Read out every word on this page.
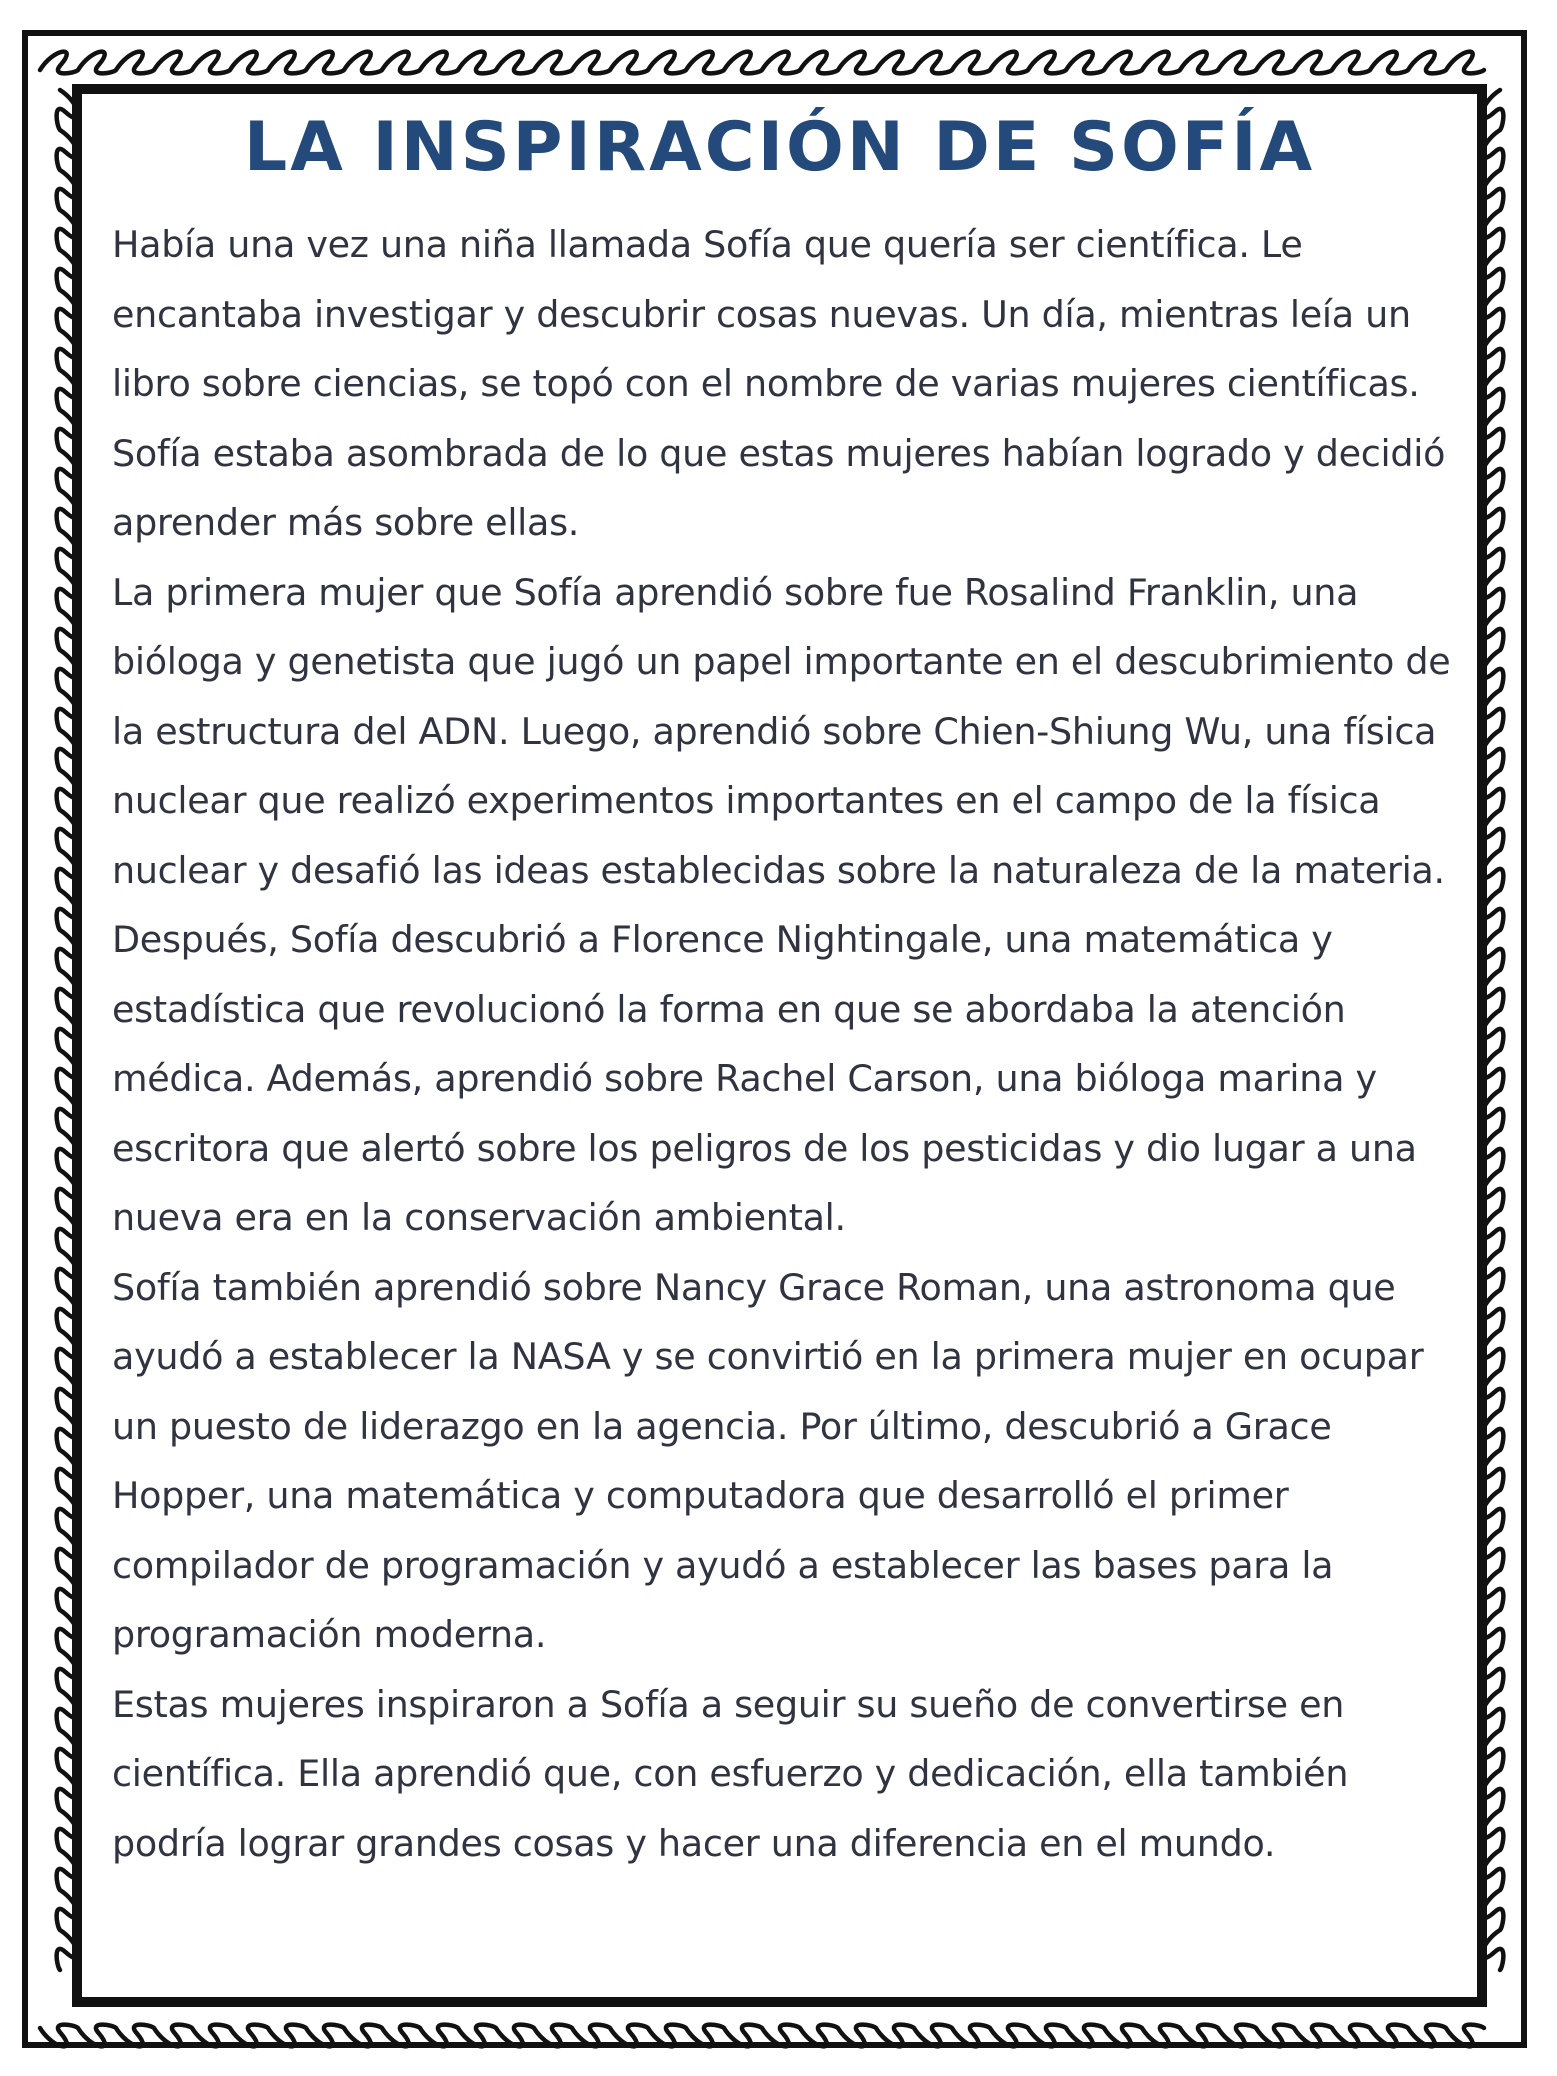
LA INSPIRACIÓN DE SOFÍA

Había una vez una niña llamada Sofía que quería ser científica. Le encantaba investigar y descubrir cosas nuevas. Un día, mientras leía un libro sobre ciencias, se topó con el nombre de varias mujeres científicas. Sofía estaba asombrada de lo que estas mujeres habían logrado y decidió aprender más sobre ellas.

La primera mujer que Sofía aprendió sobre fue Rosalind Franklin, una bióloga y genetista que jugó un papel importante en el descubrimiento de la estructura del ADN. Luego, aprendió sobre Chien-Shiung Wu, una física nuclear que realizó experimentos importantes en el campo de la física nuclear y desafió las ideas establecidas sobre la naturaleza de la materia.

Después, Sofía descubrió a Florence Nightingale, una matemática y estadística que revolucionó la forma en que se abordaba la atención médica. Además, aprendió sobre Rachel Carson, una bióloga marina y escritora que alertó sobre los peligros de los pesticidas y dio lugar a una nueva era en la conservación ambiental.

Sofía también aprendió sobre Nancy Grace Roman, una astronoma que ayudó a establecer la NASA y se convirtió en la primera mujer en ocupar un puesto de liderazgo en la agencia. Por último, descubrió a Grace Hopper, una matemática y computadora que desarrolló el primer compilador de programación y ayudó a establecer las bases para la programación moderna.

Estas mujeres inspiraron a Sofía a seguir su sueño de convertirse en científica. Ella aprendió que, con esfuerzo y dedicación, ella también podría lograr grandes cosas y hacer una diferencia en el mundo.
